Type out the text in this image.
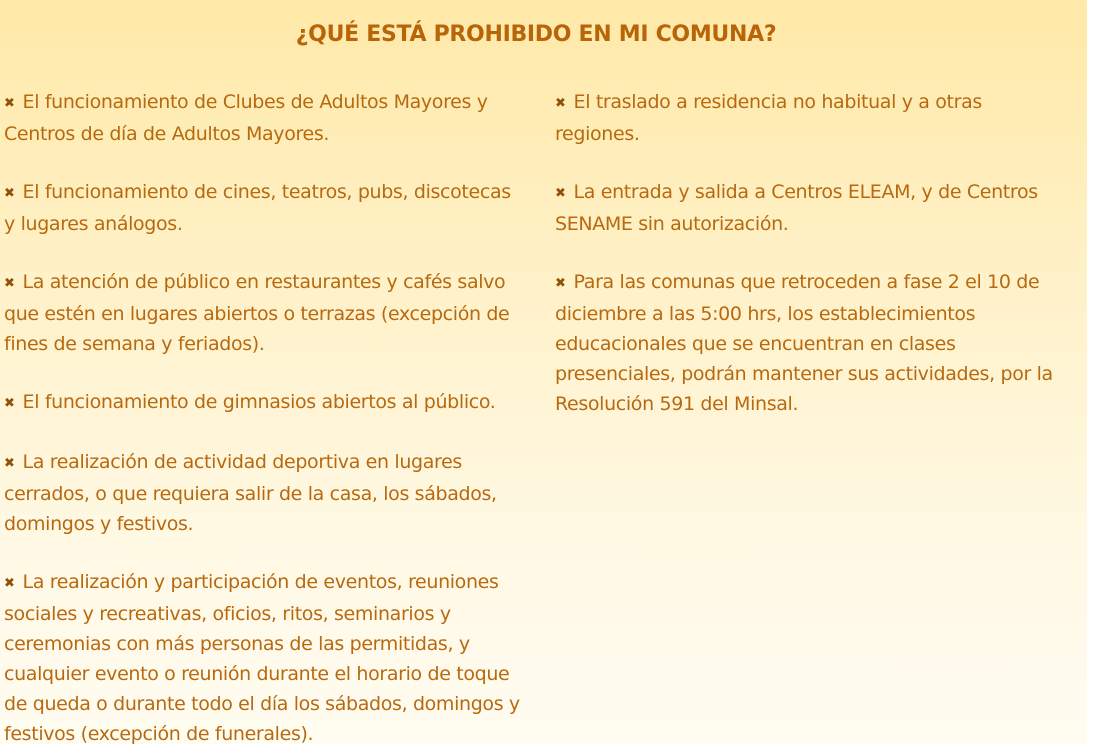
¿QUÉ ESTÁ PROHIBIDO EN MI COMUNA?

✖ El funcionamiento de Clubes de Adultos Mayores y Centros de día de Adultos Mayores.

✖ El funcionamiento de cines, teatros, pubs, discotecas y lugares análogos.

✖ La atención de público en restaurantes y cafés salvo que estén en lugares abiertos o terrazas (excepción de fines de semana y feriados).

✖ El funcionamiento de gimnasios abiertos al público.

✖ La realización de actividad deportiva en lugares cerrados, o que requiera salir de la casa, los sábados, domingos y festivos.

✖ La realización y participación de eventos, reuniones sociales y recreativas, oficios, ritos, seminarios y ceremonias con más personas de las permitidas, y cualquier evento o reunión durante el horario de toque de queda o durante todo el día los sábados, domingos y festivos (excepción de funerales).

✖ El traslado a residencia no habitual y a otras regiones.

✖ La entrada y salida a Centros ELEAM, y de Centros SENAME sin autorización.

✖ Para las comunas que retroceden a fase 2 el 10 de diciembre a las 5:00 hrs, los establecimientos educacionales que se encuentran en clases presenciales, podrán mantener sus actividades, por la Resolución 591 del Minsal.
